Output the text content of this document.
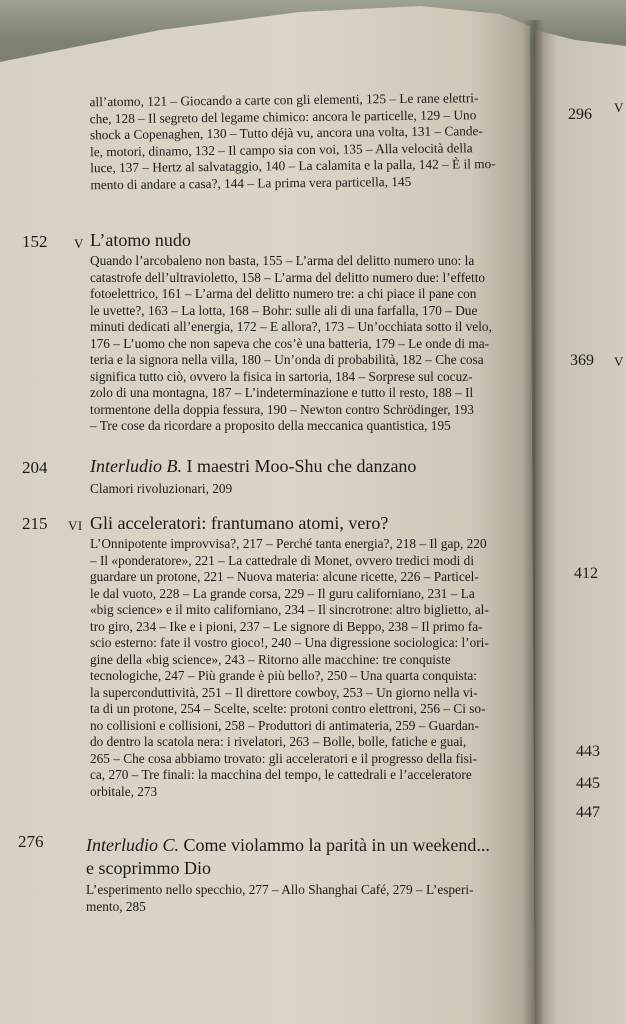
all’atomo, 121 – Giocando a carte con gli elementi, 125 – Le rane elettri-
che, 128 – Il segreto del legame chimico: ancora le particelle, 129 – Uno
shock a Copenaghen, 130 – Tutto déjà vu, ancora una volta, 131 – Cande-
le, motori, dinamo, 132 – Il campo sia con voi, 135 – Alla velocità della
luce, 137 – Hertz al salvataggio, 140 – La calamita e la palla, 142 – È il mo-
mento di andare a casa?, 144 – La prima vera particella, 145
152 V L’atomo nudo
Quando l’arcobaleno non basta, 155 – L’arma del delitto numero uno: la
catastrofe dell’ultravioletto, 158 – L’arma del delitto numero due: l’effetto
fotoelettrico, 161 – L’arma del delitto numero tre: a chi piace il pane con
le uvette?, 163 – La lotta, 168 – Bohr: sulle ali di una farfalla, 170 – Due
minuti dedicati all’energia, 172 – E allora?, 173 – Un’occhiata sotto il velo,
176 – L’uomo che non sapeva che cos’è una batteria, 179 – Le onde di ma-
teria e la signora nella villa, 180 – Un’onda di probabilità, 182 – Che cosa
significa tutto ciò, ovvero la fisica in sartoria, 184 – Sorprese sul cocuz-
zolo di una montagna, 187 – L’indeterminazione e tutto il resto, 188 – Il
tormentone della doppia fessura, 190 – Newton contro Schrödinger, 193
– Tre cose da ricordare a proposito della meccanica quantistica, 195
204 Interludio B. I maestri Moo-Shu che danzano
Clamori rivoluzionari, 209
215 VI Gli acceleratori: frantumano atomi, vero?
L’Onnipotente improvvisa?, 217 – Perché tanta energia?, 218 – Il gap, 220
– Il «ponderatore», 221 – La cattedrale di Monet, ovvero tredici modi di
guardare un protone, 221 – Nuova materia: alcune ricette, 226 – Particel-
le dal vuoto, 228 – La grande corsa, 229 – Il guru californiano, 231 – La
«big science» e il mito californiano, 234 – Il sincrotrone: altro biglietto, al-
tro giro, 234 – Ike e i pioni, 237 – Le signore di Beppo, 238 – Il primo fa-
scio esterno: fate il vostro gioco!, 240 – Una digressione sociologica: l’ori-
gine della «big science», 243 – Ritorno alle macchine: tre conquiste
tecnologiche, 247 – Più grande è più bello?, 250 – Una quarta conquista:
la superconduttività, 251 – Il direttore cowboy, 253 – Un giorno nella vi-
ta di un protone, 254 – Scelte, scelte: protoni contro elettroni, 256 – Ci so-
no collisioni e collisioni, 258 – Produttori di antimateria, 259 – Guardan-
do dentro la scatola nera: i rivelatori, 263 – Bolle, bolle, fatiche e guai,
265 – Che cosa abbiamo trovato: gli acceleratori e il progresso della fisi-
ca, 270 – Tre finali: la macchina del tempo, le cattedrali e l’acceleratore
orbitale, 273
276 Interludio C. Come violammo la parità in un weekend...
e scoprimmo Dio
L’esperimento nello specchio, 277 – Allo Shanghai Café, 279 – L’esperi-
mento, 285
296 V
369 V
412
443
445
447
